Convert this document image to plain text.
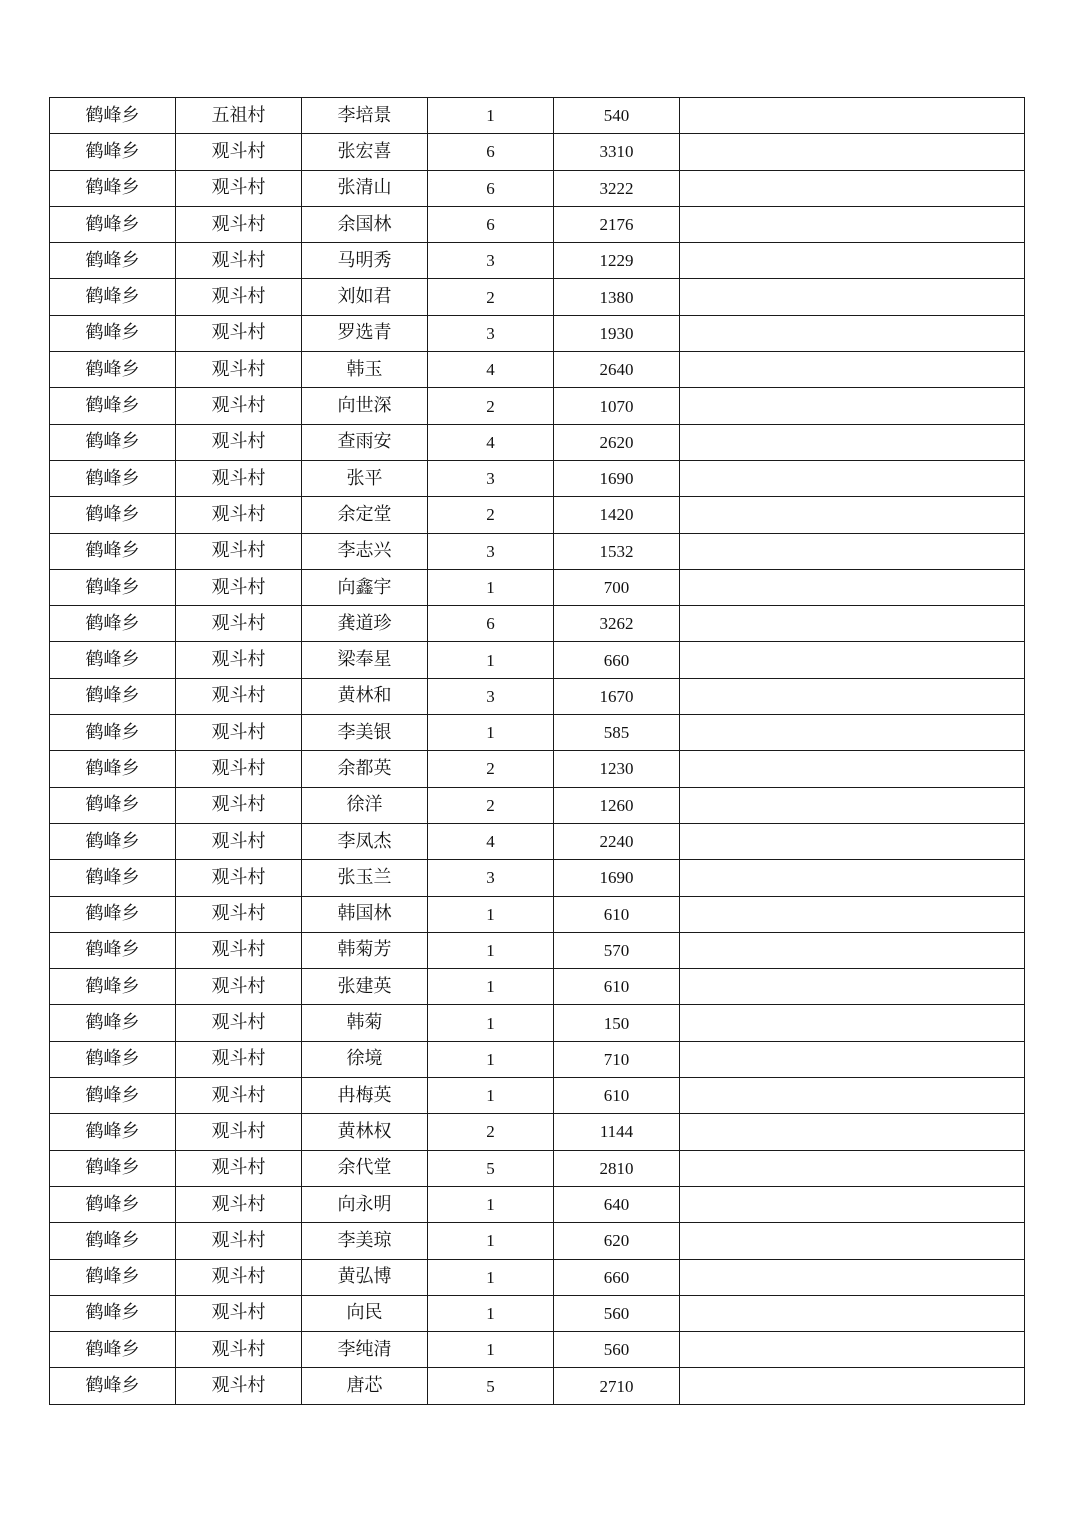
鹤峰乡	五祖村	李培景	1	540	
鹤峰乡	观斗村	张宏喜	6	3310	
鹤峰乡	观斗村	张清山	6	3222	
鹤峰乡	观斗村	余国林	6	2176	
鹤峰乡	观斗村	马明秀	3	1229	
鹤峰乡	观斗村	刘如君	2	1380	
鹤峰乡	观斗村	罗选青	3	1930	
鹤峰乡	观斗村	韩玉	4	2640	
鹤峰乡	观斗村	向世深	2	1070	
鹤峰乡	观斗村	查雨安	4	2620	
鹤峰乡	观斗村	张平	3	1690	
鹤峰乡	观斗村	余定堂	2	1420	
鹤峰乡	观斗村	李志兴	3	1532	
鹤峰乡	观斗村	向鑫宇	1	700	
鹤峰乡	观斗村	龚道珍	6	3262	
鹤峰乡	观斗村	梁奉星	1	660	
鹤峰乡	观斗村	黄林和	3	1670	
鹤峰乡	观斗村	李美银	1	585	
鹤峰乡	观斗村	余都英	2	1230	
鹤峰乡	观斗村	徐洋	2	1260	
鹤峰乡	观斗村	李凤杰	4	2240	
鹤峰乡	观斗村	张玉兰	3	1690	
鹤峰乡	观斗村	韩国林	1	610	
鹤峰乡	观斗村	韩菊芳	1	570	
鹤峰乡	观斗村	张建英	1	610	
鹤峰乡	观斗村	韩菊	1	150	
鹤峰乡	观斗村	徐境	1	710	
鹤峰乡	观斗村	冉梅英	1	610	
鹤峰乡	观斗村	黄林权	2	1144	
鹤峰乡	观斗村	余代堂	5	2810	
鹤峰乡	观斗村	向永明	1	640	
鹤峰乡	观斗村	李美琼	1	620	
鹤峰乡	观斗村	黄弘博	1	660	
鹤峰乡	观斗村	向民	1	560	
鹤峰乡	观斗村	李纯清	1	560	
鹤峰乡	观斗村	唐芯	5	2710	
